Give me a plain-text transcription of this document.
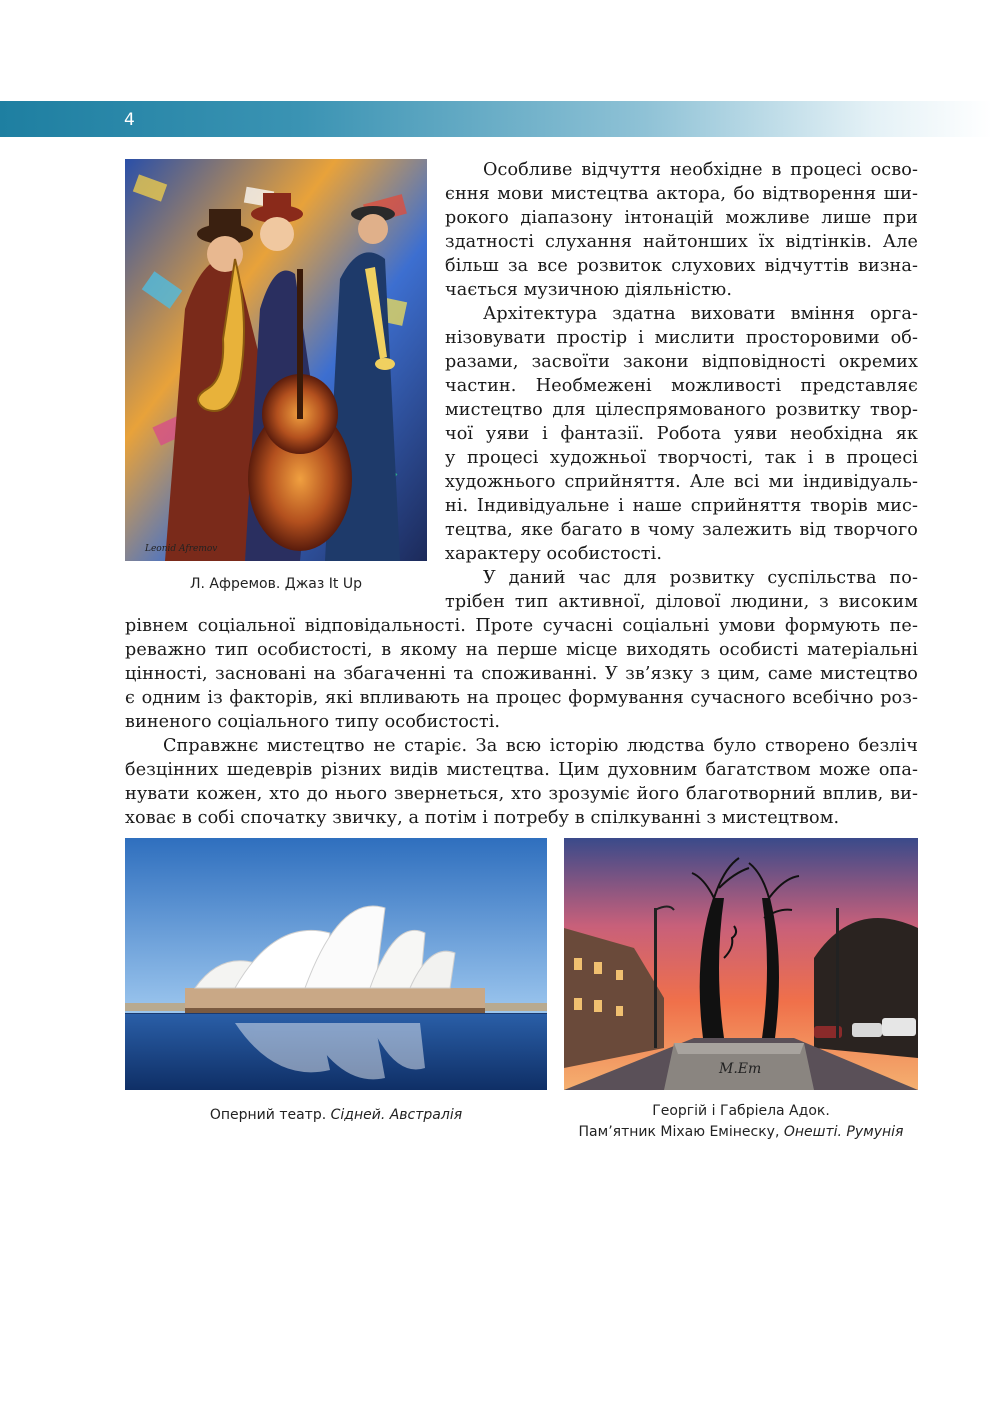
4
Leonid Afremov
Л. Афремов. Джаз It Up
Особливе відчуття необхідне в процесі осво-
єння мови мистецтва актора, бо відтворення ши-
рокого діапазону інтонацій можливе лише при
здатності слухання найтонших їх відтінків. Але
більш за все розвиток слухових відчуттів визна-
чається музичною діяльністю.
Архітектура здатна виховати вміння орга-
нізовувати простір і мислити просторовими об-
разами, засвоїти закони відповідності окремих
частин. Необмежені можливості представляє
мистецтво для цілеспрямованого розвитку твор-
чої уяви і фантазії. Робота уяви необхідна як
у процесі художньої творчості, так і в процесі
художнього сприйняття. Але всі ми індивідуаль-
ні. Індивідуальне і наше сприйняття творів мис-
тецтва, яке багато в чому залежить від творчого
характеру особистості.
У даний час для розвитку суспільства по-
трібен тип активної, ділової людини, з високим
рівнем соціальної відповідальності. Проте сучасні соціальні умови формують пе-
реважно тип особистості, в якому на перше місце виходять особисті матеріальні
цінності, засновані на збагаченні та споживанні. У зв’язку з цим, саме мистецтво
є одним із факторів, які впливають на процес формування сучасного всебічно роз-
виненого соціального типу особистості.
Справжнє мистецтво не старіє. За всю історію людства було створено безліч
безцінних шедеврів різних видів мистецтва. Цим духовним багатством може опа-
нувати кожен, хто до нього звернеться, хто зрозуміє його благотворний вплив, ви-
ховає в собі спочатку звичку, а потім і потребу в спілкуванні з мистецтвом.
M.Em
Оперний театр. Сідней. Австралія	Георгій і Габріела Адок.
Пам’ятник Міхаю Емінеску, Онешті. Румунія
